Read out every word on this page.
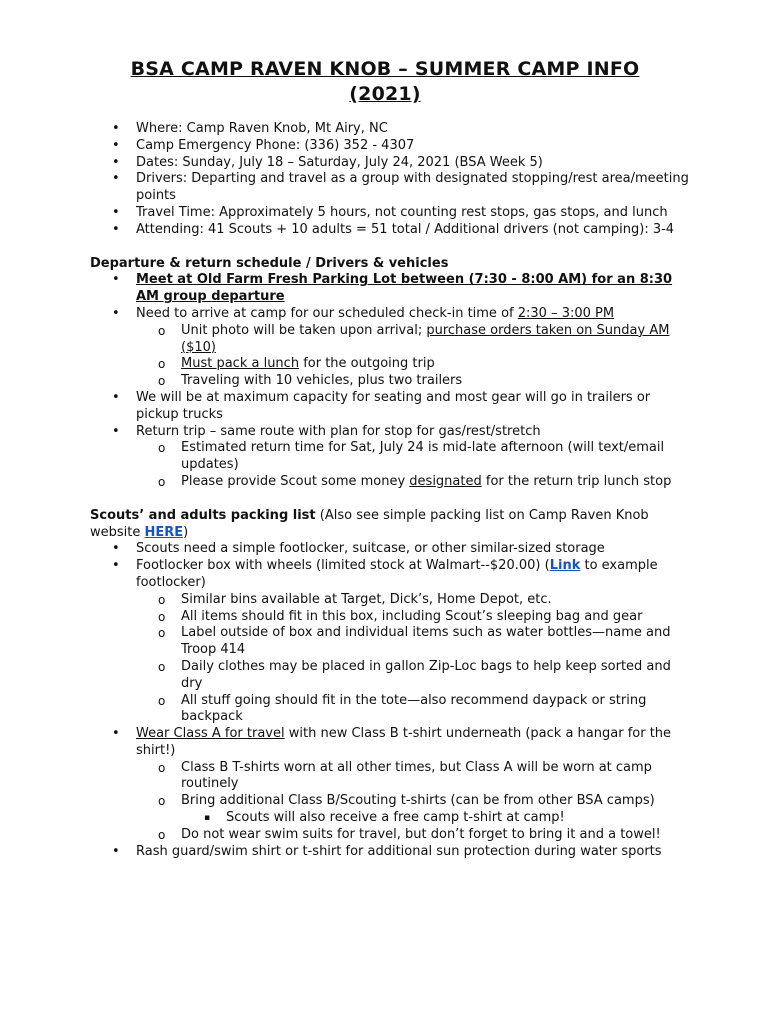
BSA CAMP RAVEN KNOB – SUMMER CAMP INFO
(2021)
• Where: Camp Raven Knob, Mt Airy, NC
• Camp Emergency Phone: (336) 352 - 4307
• Dates: Sunday, July 18 – Saturday, July 24, 2021 (BSA Week 5)
• Drivers: Departing and travel as a group with designated stopping/rest area/meeting points
• Travel Time: Approximately 5 hours, not counting rest stops, gas stops, and lunch
• Attending: 41 Scouts + 10 adults = 51 total / Additional drivers (not camping): 3-4

Departure & return schedule / Drivers & vehicles

• Meet at Old Farm Fresh Parking Lot between (7:30 - 8:00 AM) for an 8:30 AM group departure
• Need to arrive at camp for our scheduled check-in time of 2:30 – 3:00 PM
o Unit photo will be taken upon arrival; purchase orders taken on Sunday AM ($10)
o Must pack a lunch for the outgoing trip
o Traveling with 10 vehicles, plus two trailers
• We will be at maximum capacity for seating and most gear will go in trailers or pickup trucks
• Return trip – same route with plan for stop for gas/rest/stretch
o Estimated return time for Sat, July 24 is mid-late afternoon (will text/email updates)
o Please provide Scout some money designated for the return trip lunch stop

Scouts’ and adults packing list (Also see simple packing list on Camp Raven Knob website HERE)

• Scouts need a simple footlocker, suitcase, or other similar-sized storage
• Footlocker box with wheels (limited stock at Walmart--$20.00) (Link to example footlocker)
o Similar bins available at Target, Dick’s, Home Depot, etc.
o All items should fit in this box, including Scout’s sleeping bag and gear
o Label outside of box and individual items such as water bottles—name and Troop 414
o Daily clothes may be placed in gallon Zip-Loc bags to help keep sorted and dry
o All stuff going should fit in the tote—also recommend daypack or string backpack
• Wear Class A for travel with new Class B t-shirt underneath (pack a hangar for the shirt!)
o Class B T-shirts worn at all other times, but Class A will be worn at camp routinely
o Bring additional Class B/Scouting t-shirts (can be from other BSA camps)
▪ Scouts will also receive a free camp t-shirt at camp!
o Do not wear swim suits for travel, but don’t forget to bring it and a towel!
• Rash guard/swim shirt or t-shirt for additional sun protection during water sports
